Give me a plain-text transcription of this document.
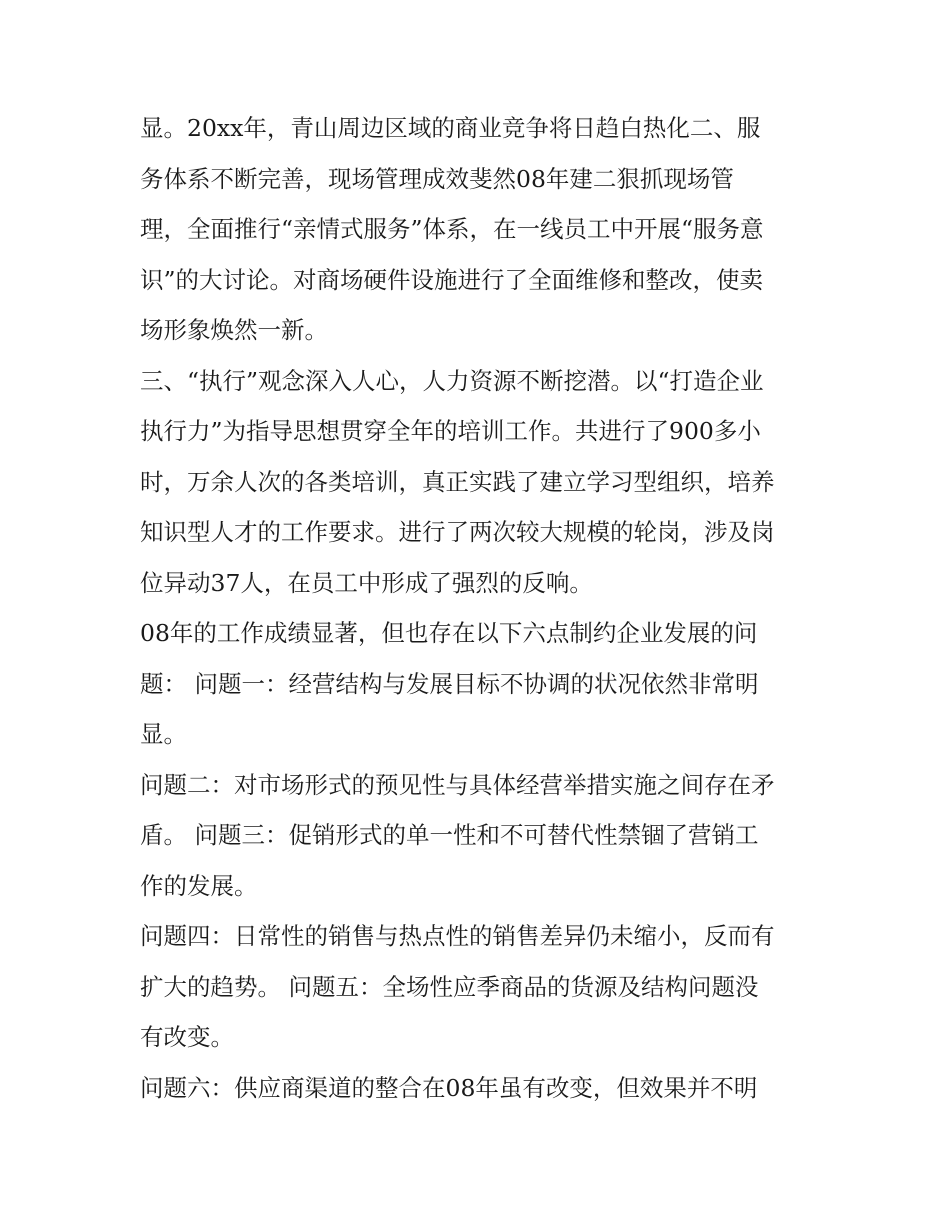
显。20xx年，青山周边区域的商业竞争将日趋白热化二、服
务体系不断完善，现场管理成效斐然08年建二狠抓现场管
理，全面推行“亲情式服务”体系，在一线员工中开展“服务意
识”的大讨论。对商场硬件设施进行了全面维修和整改，使卖
场形象焕然一新。
三、“执行”观念深入人心，人力资源不断挖潜。以“打造企业
执行力”为指导思想贯穿全年的培训工作。共进行了900多小
时，万余人次的各类培训，真正实践了建立学习型组织，培养
知识型人才的工作要求。进行了两次较大规模的轮岗，涉及岗
位异动37人，在员工中形成了强烈的反响。
08年的工作成绩显著，但也存在以下六点制约企业发展的问
题： 问题一：经营结构与发展目标不协调的状况依然非常明
显。
问题二：对市场形式的预见性与具体经营举措实施之间存在矛
盾。 问题三：促销形式的单一性和不可替代性禁锢了营销工
作的发展。
问题四：日常性的销售与热点性的销售差异仍未缩小，反而有
扩大的趋势。 问题五：全场性应季商品的货源及结构问题没
有改变。
问题六：供应商渠道的整合在08年虽有改变，但效果并不明
